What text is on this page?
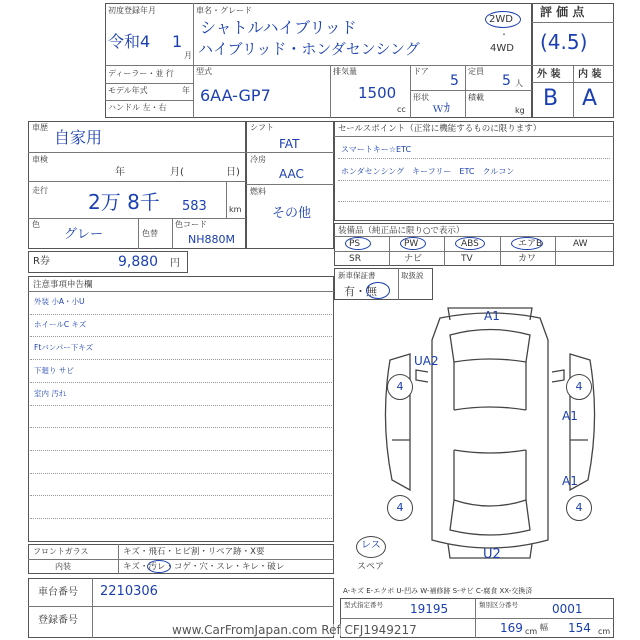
初度登録年月
令和4 1
月
車名・グレード
シャトルハイブリッド
ハイブリッド・ホンダセンシング
2WD
・
4WD
ディーラー・並 行
モデル年式	年
ハンドル 左・右
型式
6AA-GP7
排気量
1500
cc
ドア
5
定員
5 人
形状
ｗｶ
積載
kg
評 価 点
(4.5)
外 装 内 装
B A
車歴
自家用
車検
年	月(	日)
走行 2万 8千 583	km
色
グレー	色替
色コード
NH880M
R券	9,880 円
シフト
FAT
冷房
AAC
燃料
その他
セールスポイント（正常に機能するものに限ります）
スマートキー☆ETC
ホンダセンシング　キーフリー　ETC　クルコン
装備品（純正品に限り○で表示）
PS	PW	ABS	エアB	AW
SR	ナビ	TV	カワ
新車保証書
有・無
取扱説
注意事項申告欄
外装 小A・小U
ホイールC キズ
Ftバンパー下キズ
下廻り サビ
室内 汚れ
4	4
4	4
A1
UA2
A1
A1
U2
レス
スペア
フロントガラス	キズ・飛石・ヒビ割・リペア跡・X要
内装	キズ・汚レ・コゲ・穴・スレ・キレ・破レ
A-キズ E-エクボ U-凹み W-補修跡 S-サビ C-腐食 XX-交換済
車台番号 2210306
登録番号
型式指定番号 19195	類別区分番号	0001
169 cm 幅 154 cm
www.CarFromJapan.com Ref CFJ1949217
